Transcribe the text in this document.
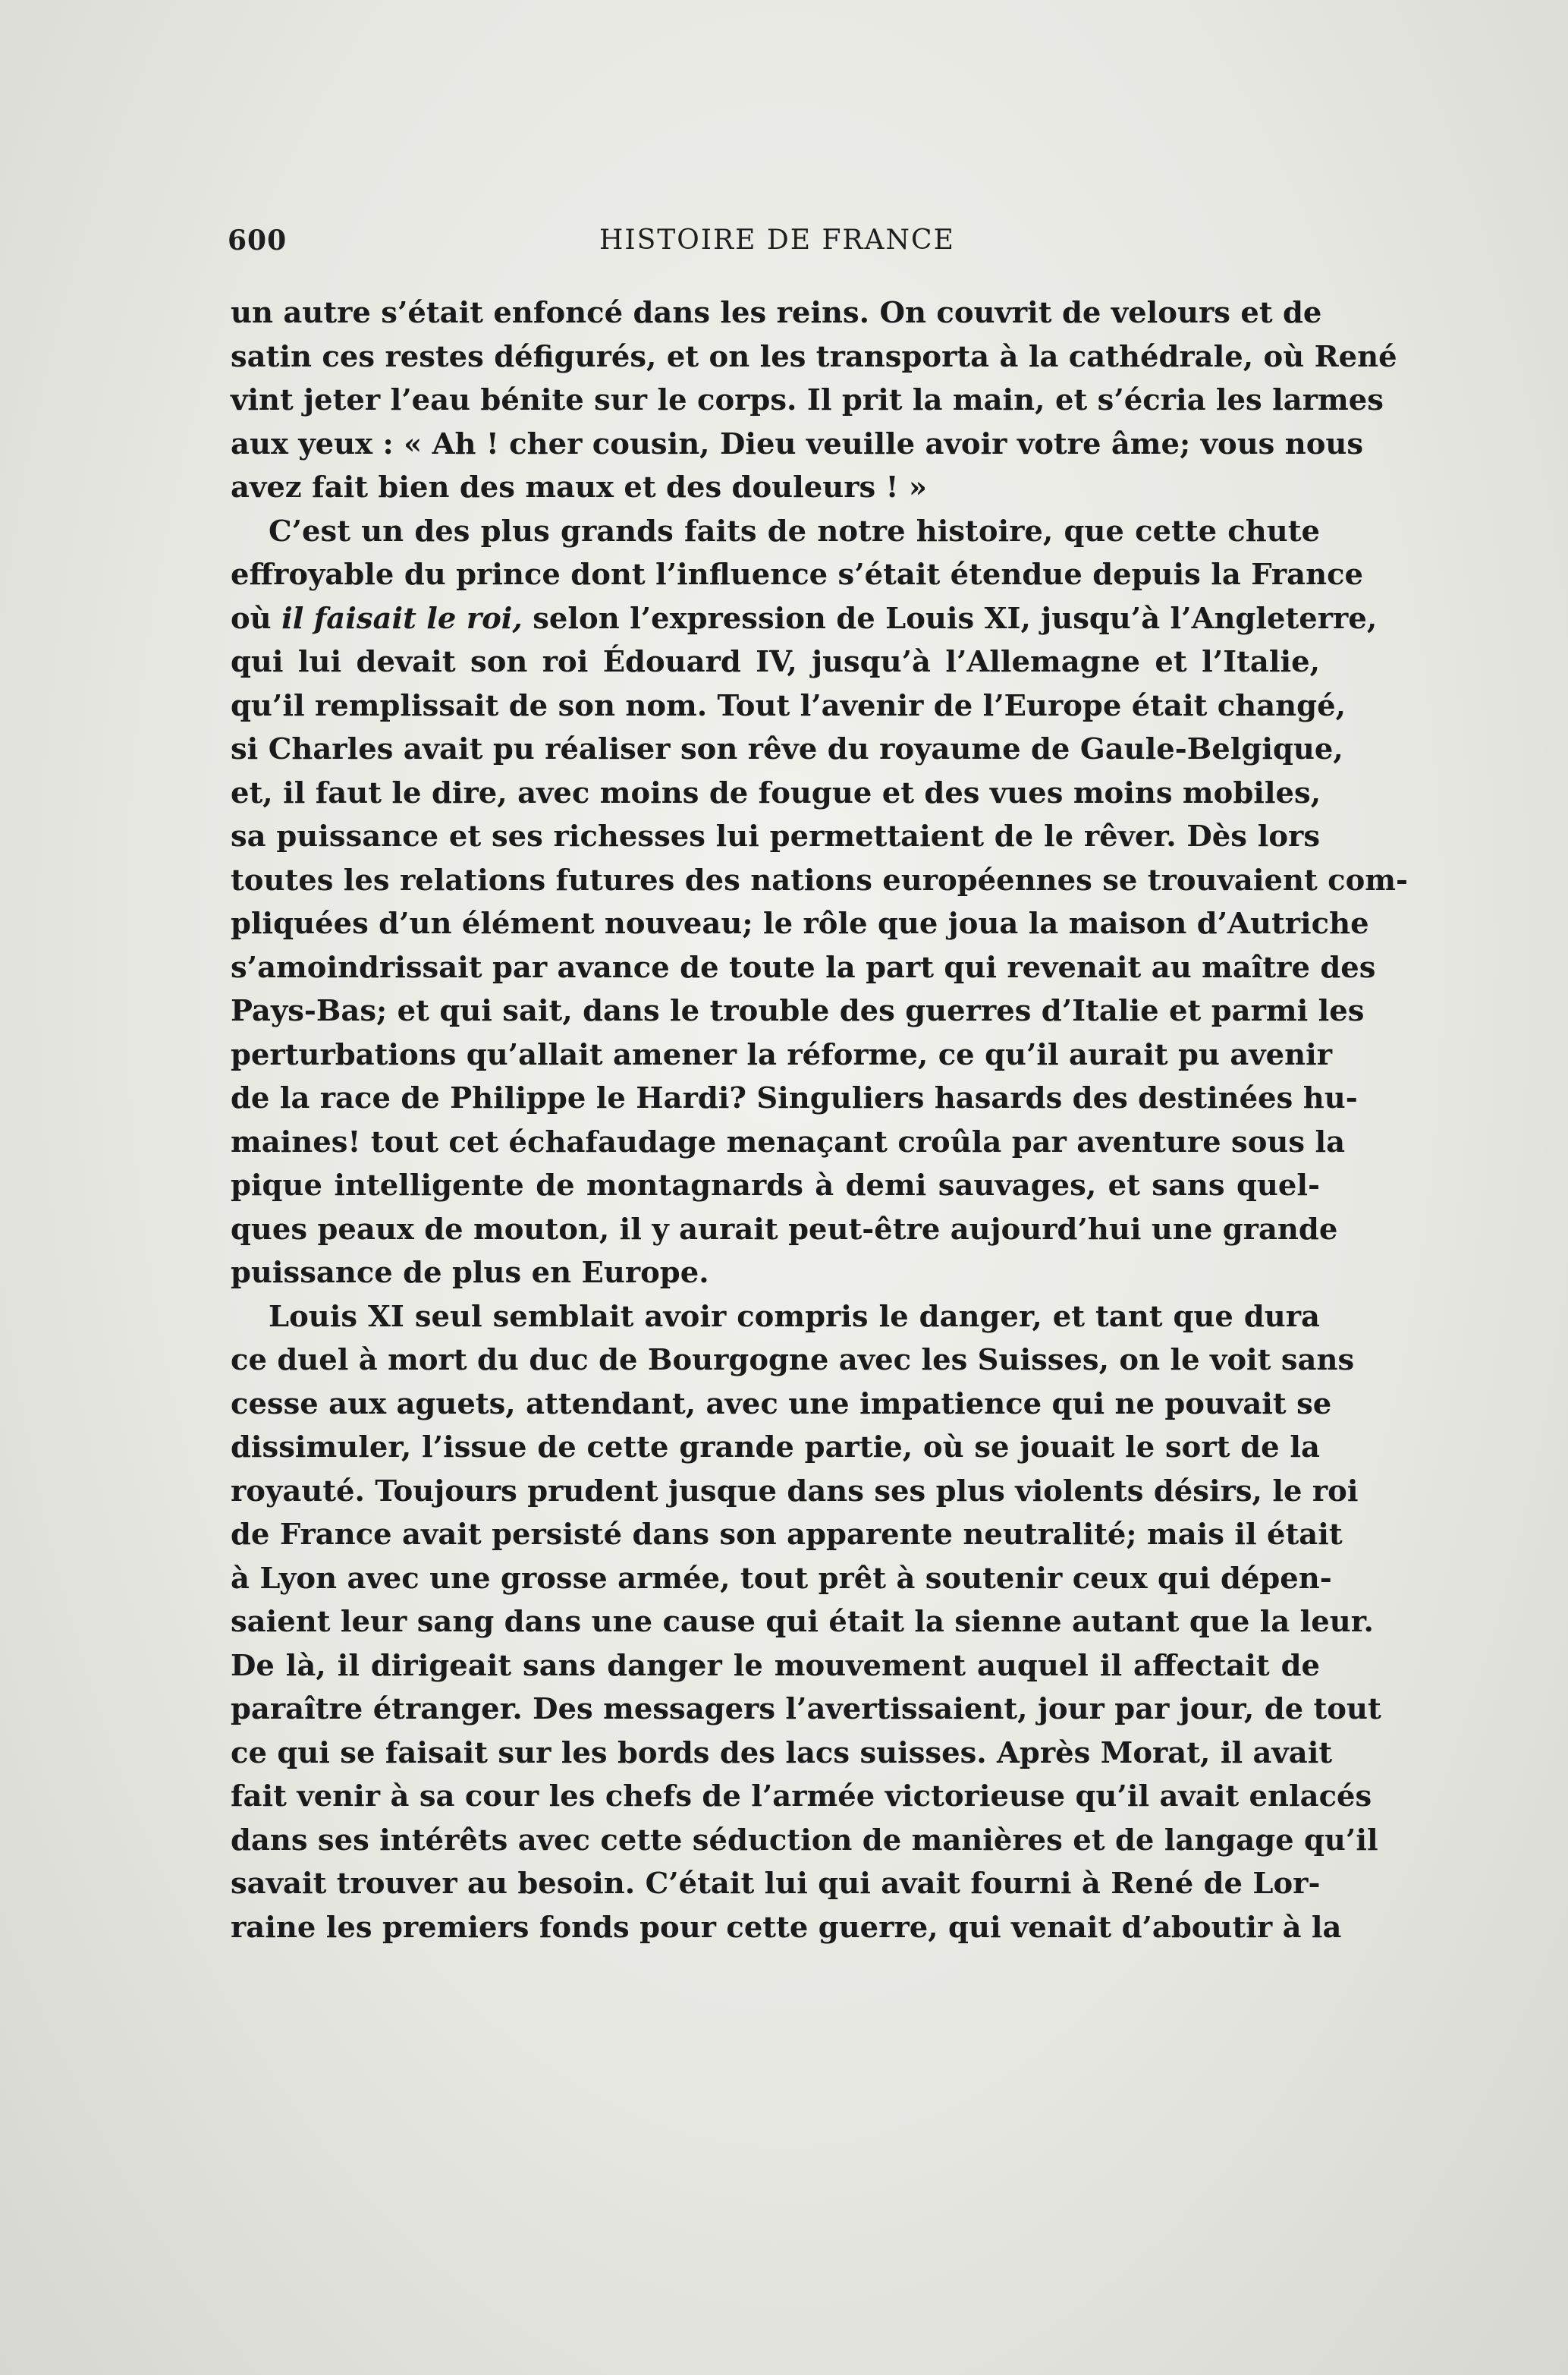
600	HISTOIRE DE FRANCE
un autre s’était enfoncé dans les reins. On couvrit de velours et de
satin ces restes défigurés, et on les transporta à la cathédrale, où René
vint jeter l’eau bénite sur le corps. Il prit la main, et s’écria les larmes
aux yeux : « Ah ! cher cousin, Dieu veuille avoir votre âme; vous nous
avez fait bien des maux et des douleurs ! »
C’est un des plus grands faits de notre histoire, que cette chute
effroyable du prince dont l’influence s’était étendue depuis la France
où il faisait le roi, selon l’expression de Louis XI, jusqu’à l’Angleterre,
qui lui devait son roi Édouard IV, jusqu’à l’Allemagne et l’Italie,
qu’il remplissait de son nom. Tout l’avenir de l’Europe était changé,
si Charles avait pu réaliser son rêve du royaume de Gaule-Belgique,
et, il faut le dire, avec moins de fougue et des vues moins mobiles,
sa puissance et ses richesses lui permettaient de le rêver. Dès lors
toutes les relations futures des nations européennes se trouvaient com-
pliquées d’un élément nouveau; le rôle que joua la maison d’Autriche
s’amoindrissait par avance de toute la part qui revenait au maître des
Pays-Bas; et qui sait, dans le trouble des guerres d’Italie et parmi les
perturbations qu’allait amener la réforme, ce qu’il aurait pu avenir
de la race de Philippe le Hardi? Singuliers hasards des destinées hu-
maines! tout cet échafaudage menaçant croûla par aventure sous la
pique intelligente de montagnards à demi sauvages, et sans quel-
ques peaux de mouton, il y aurait peut-être aujourd’hui une grande
puissance de plus en Europe.
Louis XI seul semblait avoir compris le danger, et tant que dura
ce duel à mort du duc de Bourgogne avec les Suisses, on le voit sans
cesse aux aguets, attendant, avec une impatience qui ne pouvait se
dissimuler, l’issue de cette grande partie, où se jouait le sort de la
royauté. Toujours prudent jusque dans ses plus violents désirs, le roi
de France avait persisté dans son apparente neutralité; mais il était
à Lyon avec une grosse armée, tout prêt à soutenir ceux qui dépen-
saient leur sang dans une cause qui était la sienne autant que la leur.
De là, il dirigeait sans danger le mouvement auquel il affectait de
paraître étranger. Des messagers l’avertissaient, jour par jour, de tout
ce qui se faisait sur les bords des lacs suisses. Après Morat, il avait
fait venir à sa cour les chefs de l’armée victorieuse qu’il avait enlacés
dans ses intérêts avec cette séduction de manières et de langage qu’il
savait trouver au besoin. C’était lui qui avait fourni à René de Lor-
raine les premiers fonds pour cette guerre, qui venait d’aboutir à la
